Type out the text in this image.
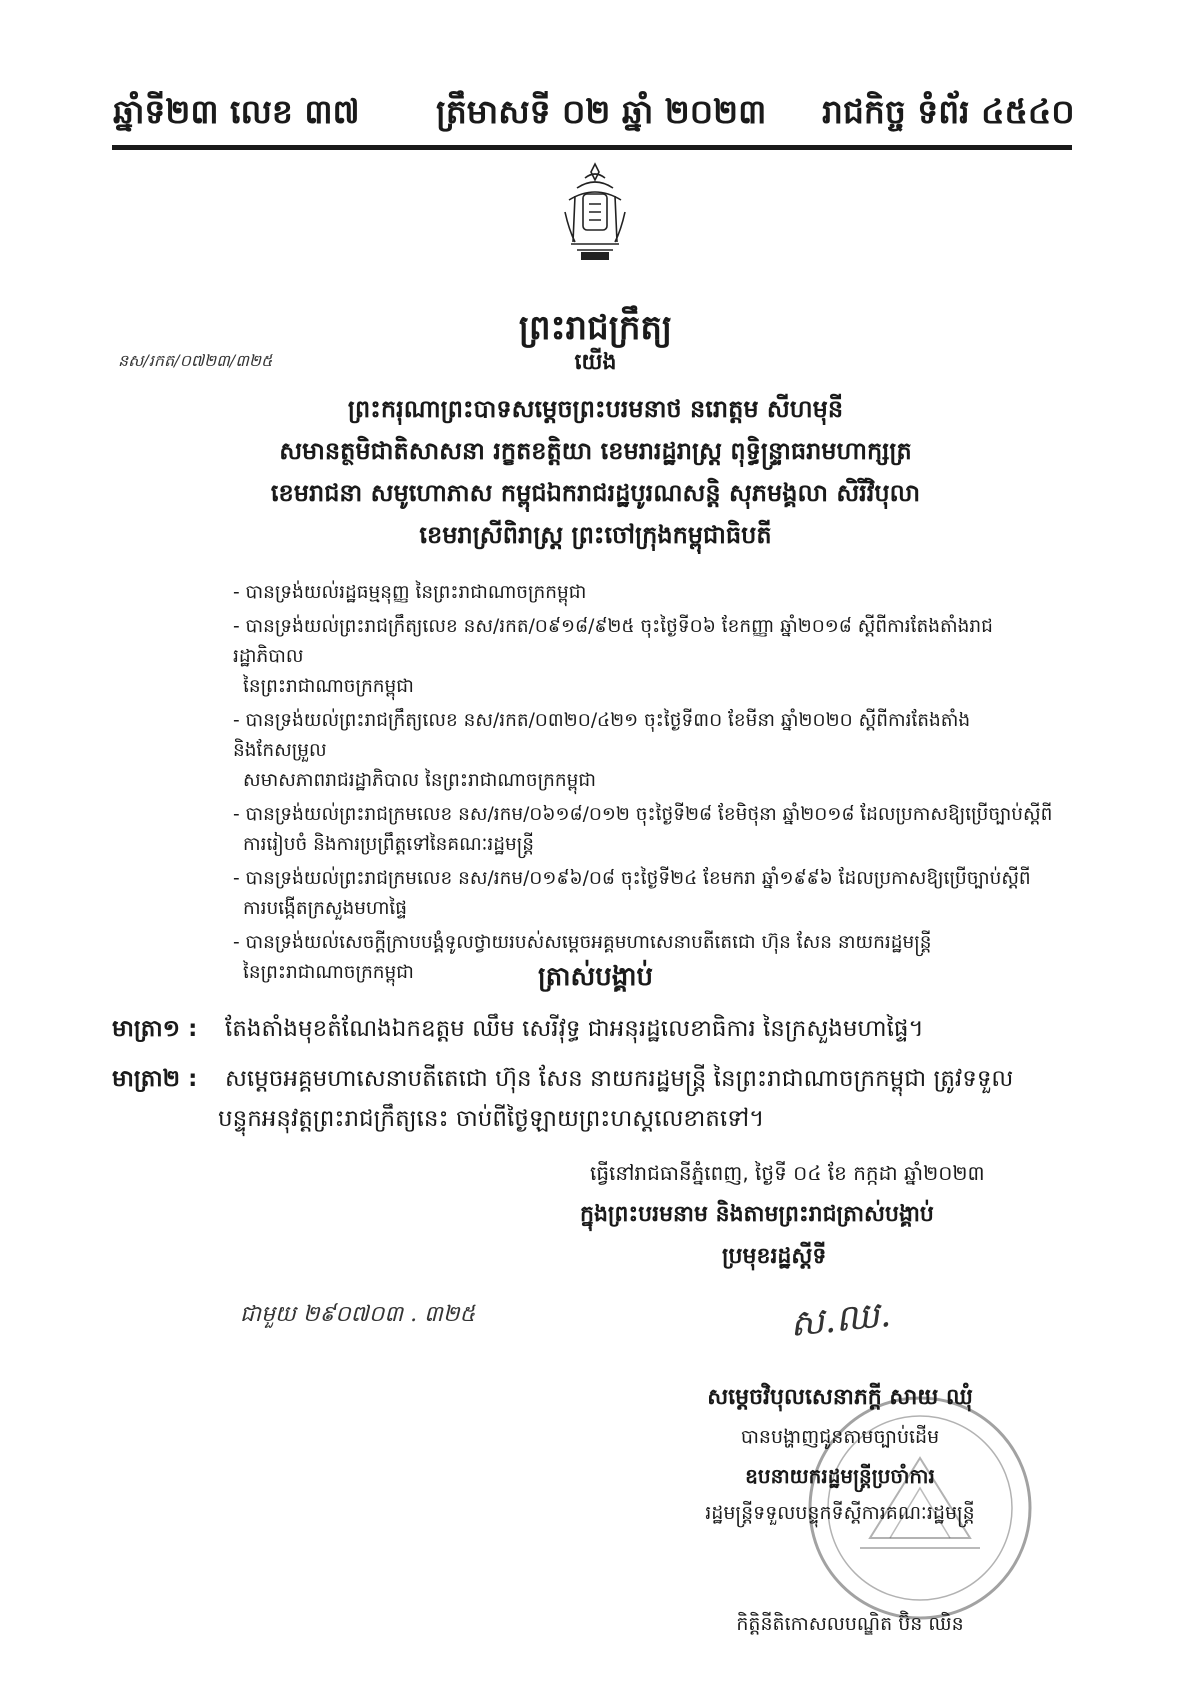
ឆ្នាំទី២៣ លេខ ៣៧ ត្រឹមាសទី ០២ ឆ្នាំ ២០២៣ រាជកិច្ច ទំព័រ ៤៥៤០
ព្រះរាជក្រឹត្យ
នស/រកត/០៧២៣/៣២៥	យើង
ព្រះករុណាព្រះបាទសម្តេចព្រះបរមនាថ នរោត្តម សីហមុនី
សមានត្ថមិជាតិសាសនា រក្ខតខត្តិយា ខេមរារដ្ឋរាស្ត្រ ពុទ្ធិន្ទ្រាធរាមហាក្សត្រ
ខេមរាជនា សមូហោភាស កម្ពុជឯករាជរដ្ឋបូរណសន្តិ សុភមង្គលា សិរីវិបុលា
ខេមរាស្រីពិរាស្ត្រ ព្រះចៅក្រុងកម្ពុជាធិបតី
- បានទ្រង់យល់រដ្ឋធម្មនុញ្ញ នៃព្រះរាជាណាចក្រកម្ពុជា
- បានទ្រង់យល់ព្រះរាជក្រឹត្យលេខ នស/រកត/០៩១៨/៩២៥ ចុះថ្ងៃទី០៦ ខែកញ្ញា ឆ្នាំ២០១៨ ស្តីពីការតែងតាំងរាជរដ្ឋាភិបាល
នៃព្រះរាជាណាចក្រកម្ពុជា
- បានទ្រង់យល់ព្រះរាជក្រឹត្យលេខ នស/រកត/០៣២០/៤២១ ចុះថ្ងៃទី៣០ ខែមីនា ឆ្នាំ២០២០ ស្តីពីការតែងតាំង និងកែសម្រួល
សមាសភាពរាជរដ្ឋាភិបាល នៃព្រះរាជាណាចក្រកម្ពុជា
- បានទ្រង់យល់ព្រះរាជក្រមលេខ នស/រកម/០៦១៨/០១២ ចុះថ្ងៃទី២៨ ខែមិថុនា ឆ្នាំ២០១៨ ដែលប្រកាសឱ្យប្រើច្បាប់ស្តីពី
ការរៀបចំ និងការប្រព្រឹត្តទៅនៃគណៈរដ្ឋមន្ត្រី
- បានទ្រង់យល់ព្រះរាជក្រមលេខ នស/រកម/០១៩៦/០៨ ចុះថ្ងៃទី២៤ ខែមករា ឆ្នាំ១៩៩៦ ដែលប្រកាសឱ្យប្រើច្បាប់ស្តីពី
ការបង្កើតក្រសួងមហាផ្ទៃ
- បានទ្រង់យល់សេចក្តីក្រាបបង្គំទូលថ្វាយរបស់សម្តេចអគ្គមហាសេនាបតីតេជោ ហ៊ុន សែន នាយករដ្ឋមន្ត្រី
នៃព្រះរាជាណាចក្រកម្ពុជា	ត្រាស់បង្គាប់
មាត្រា១ : តែងតាំងមុខតំណែងឯកឧត្តម ឈឹម សេរីវុទ្ធ ជាអនុរដ្ឋលេខាធិការ នៃក្រសួងមហាផ្ទៃ។
មាត្រា២ : សម្តេចអគ្គមហាសេនាបតីតេជោ ហ៊ុន សែន នាយករដ្ឋមន្ត្រី នៃព្រះរាជាណាចក្រកម្ពុជា ត្រូវទទួល
បន្ទុកអនុវត្តព្រះរាជក្រឹត្យនេះ ចាប់ពីថ្ងៃឡាយព្រះហស្តលេខាតទៅ។
ធ្វើនៅរាជធានីភ្នំពេញ, ថ្ងៃទី ០៤ ខែ កក្កដា ឆ្នាំ២០២៣
ក្នុងព្រះបរមនាម និងតាមព្រះរាជត្រាស់បង្គាប់
ប្រមុខរដ្ឋស្តីទី
ជាមួយ ២៩០៧០៣ . ៣២៥	ស.ឈ.
សម្តេចវិបុលសេនាភក្តី សាយ ឈុំ
បានបង្ហាញជូនតាមច្បាប់ដើម
ឧបនាយករដ្ឋមន្ត្រីប្រចាំការ
រដ្ឋមន្ត្រីទទួលបន្ទុកទីស្តីការគណៈរដ្ឋមន្ត្រី
កិត្តិនីតិកោសលបណ្ឌិត ប៊ិន ឈិន
